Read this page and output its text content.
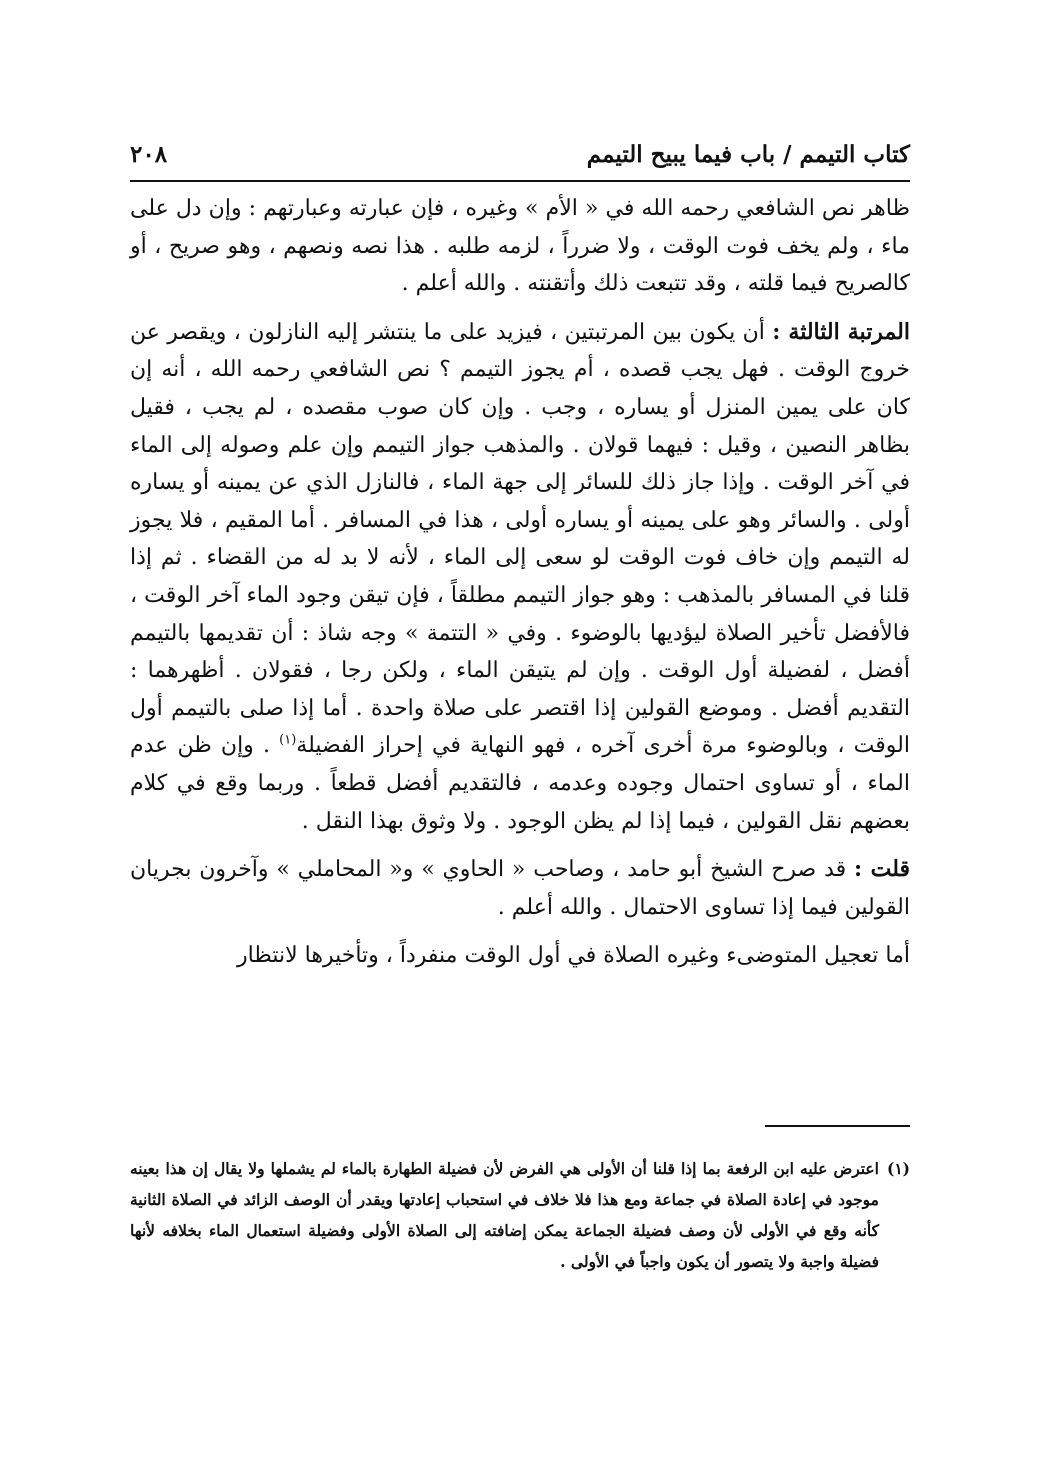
كتاب التيمم / باب فيما يبيح التيمم
٢٠٨

ظاهر نص الشافعي رحمه الله في « الأم » وغيره ، فإن عبارته وعبارتهم : وإن دل على ماء ، ولم يخف فوت الوقت ، ولا ضرراً ، لزمه طلبه . هذا نصه ونصهم ، وهو صريح ، أو كالصريح فيما قلته ، وقد تتبعت ذلك وأتقنته . والله أعلم .

المرتبة الثالثة : أن يكون بين المرتبتين ، فيزيد على ما ينتشر إليه النازلون ، ويقصر عن خروج الوقت . فهل يجب قصده ، أم يجوز التيمم ؟ نص الشافعي رحمه الله ، أنه إن كان على يمين المنزل أو يساره ، وجب . وإن كان صوب مقصده ، لم يجب ، فقيل بظاهر النصين ، وقيل : فيهما قولان . والمذهب جواز التيمم وإن علم وصوله إلى الماء في آخر الوقت . وإذا جاز ذلك للسائر إلى جهة الماء ، فالنازل الذي عن يمينه أو يساره أولى . والسائر وهو على يمينه أو يساره أولى ، هذا في المسافر . أما المقيم ، فلا يجوز له التيمم وإن خاف فوت الوقت لو سعى إلى الماء ، لأنه لا بد له من القضاء . ثم إذا قلنا في المسافر بالمذهب : وهو جواز التيمم مطلقاً ، فإن تيقن وجود الماء آخر الوقت ، فالأفضل تأخير الصلاة ليؤديها بالوضوء . وفي « التتمة » وجه شاذ : أن تقديمها بالتيمم أفضل ، لفضيلة أول الوقت . وإن لم يتيقن الماء ، ولكن رجا ، فقولان . أظهرهما : التقديم أفضل . وموضع القولين إذا اقتصر على صلاة واحدة . أما إذا صلى بالتيمم أول الوقت ، وبالوضوء مرة أخرى آخره ، فهو النهاية في إحراز الفضيلة$^{(١)}$ . وإن ظن عدم الماء ، أو تساوى احتمال وجوده وعدمه ، فالتقديم أفضل قطعاً . وربما وقع في كلام بعضهم نقل القولين ، فيما إذا لم يظن الوجود . ولا وثوق بهذا النقل .

قلت : قد صرح الشيخ أبو حامد ، وصاحب « الحاوي » و« المحاملي » وآخرون بجريان القولين فيما إذا تساوى الاحتمال . والله أعلم .

أما تعجيل المتوضىء وغيره الصلاة في أول الوقت منفرداً ، وتأخيرها لانتظار

(١)
اعترض عليه ابن الرفعة بما إذا قلنا أن الأولى هي الفرض لأن فضيلة الطهارة بالماء لم يشملها ولا يقال إن هذا بعينه موجود في إعادة الصلاة في جماعة ومع هذا فلا خلاف في استحباب إعادتها ويقدر أن الوصف الزائد في الصلاة الثانية كأنه وقع في الأولى لأن وصف فضيلة الجماعة يمكن إضافته إلى الصلاة الأولى وفضيلة استعمال الماء بخلافه لأنها فضيلة واجبة ولا يتصور أن يكون واجباً في الأولى .
